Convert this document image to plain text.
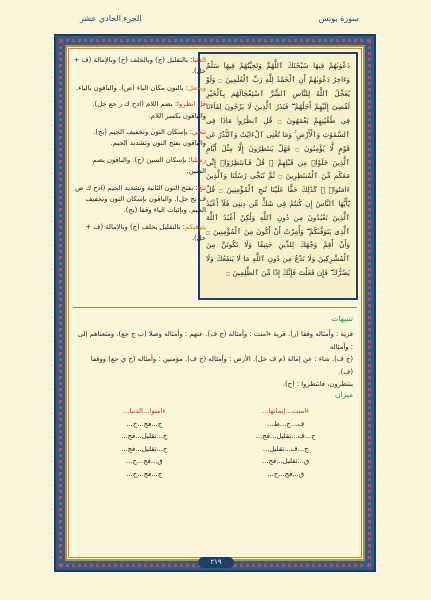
الجزء الحادي عشر	سورة يونس
دَعْوَىٰهُمْ فِيهَا سُبْحَٰنَكَ ٱللَّهُمَّ وَتَحِيَّتُهُمْ فِيهَا سَلَٰمٌ وَءَاخِرُ دَعْوَىٰهُمْ أَنِ ٱلْحَمْدُ لِلَّهِ رَبِّ ٱلْعَٰلَمِينَ ۝ وَلَوْ يُعَجِّلُ ٱللَّهُ لِلنَّاسِ ٱلشَّرَّ ٱسْتِعْجَالَهُم بِٱلْخَيْرِ لَقُضِىَ إِلَيْهِمْ أَجَلُهُمْ ۖ فَنَذَرُ ٱلَّذِينَ لَا يَرْجُونَ لِقَآءَنَا فِى طُغْيَٰنِهِمْ يَعْمَهُونَ ۝ قُلِ ٱنظُرُوا۟ مَاذَا فِى ٱلسَّمَٰوَٰتِ وَٱلْأَرْضِ ۚ وَمَا تُغْنِى ٱلْءَايَٰتُ وَٱلنُّذُرُ عَن قَوْمٍ لَّا يُؤْمِنُونَ ۝ فَهَلْ يَنتَظِرُونَ إِلَّا مِثْلَ أَيَّامِ ٱلَّذِينَ خَلَوْا۟ مِن قَبْلِهِمْ ۚ قُلْ فَٱنتَظِرُوٓا۟ إِنِّى مَعَكُم مِّنَ ٱلْمُنتَظِرِينَ ۝ ثُمَّ نُنَجِّى رُسُلَنَا وَٱلَّذِينَ ءَامَنُوا۟ ۚ كَذَٰلِكَ حَقًّا عَلَيْنَا نُنجِ ٱلْمُؤْمِنِينَ ۝ قُلْ يَٰٓأَيُّهَا ٱلنَّاسُ إِن كُنتُمْ فِى شَكٍّ مِّن دِينِى فَلَآ أَعْبُدُ ٱلَّذِينَ تَعْبُدُونَ مِن دُونِ ٱللَّهِ وَلَٰكِنْ أَعْبُدُ ٱللَّهَ ٱلَّذِى يَتَوَفَّىٰكُمْ ۖ وَأُمِرْتُ أَنْ أَكُونَ مِنَ ٱلْمُؤْمِنِينَ ۝ وَأَنْ أَقِمْ وَجْهَكَ لِلدِّينِ حَنِيفًا وَلَا تَكُونَنَّ مِنَ ٱلْمُشْرِكِينَ وَلَا تَدْعُ مِن دُونِ ٱللَّهِ مَا لَا يَنفَعُكَ وَلَا يَضُرُّكَ ۖ فَإِن فَعَلْتَ فَإِنَّكَ إِذًا مِّنَ ٱلظَّٰلِمِينَ ۝

الدنيا: بالتقليل (ج) وبالخلف (ح) وبالإمالة (ف + خل).

ويجعل: بالنون مكان الياء (ص). والباقون بالياء.

قل انظروا: بضم اللام (ادح ك ر جع خل). والباقون بكسر اللام.

ننجي: بإسكان النون وتخفيف الجيم (بج). والباقون بفتح النون وتشديد الجيم.

رسلنا: بإسكان السين (ح). والباقون بضم السين.

ننج: بفتح النون الثانية وتشديد الجيم (ادح ك ص ف بج خل). والباقون بإسكان النون وتخفيف الجيم. وبإثبات الياء وقفا (بج).

يتوفيكم: بالتقليل بخلف (ج) وبالإمالة (ف + خل).

تنبيهات
قرية : وأمثاله وقفا (ز). قرية ءامنت : وأمثاله (ج ف). عنهم : وأمثاله وصلا (ب ج جع). ومتعناهم إلى : وأمثاله
(ج ف). شاء : عن إمالة (م ف خل). الأرض : وأمثاله (ج ف). مؤمنين : وأمثاله (ح ي جع) ووقفا (ف).
ينتظرون، فانتظروا : (ج).
ميزان
ءامنت...إيمانها...
ءامنوا...الدنيا...
ف...ج...ط...
ج...فج...ح...
ج...ف...تقليل...فج...
ح...تقليل...فج...
ج...ف...تقليل...
ح...تقليل...فج...
ق...تقليل...فج...
ق...فج...ح...
ق...فج...ح...
ج...فج...ح...
٢١٩
